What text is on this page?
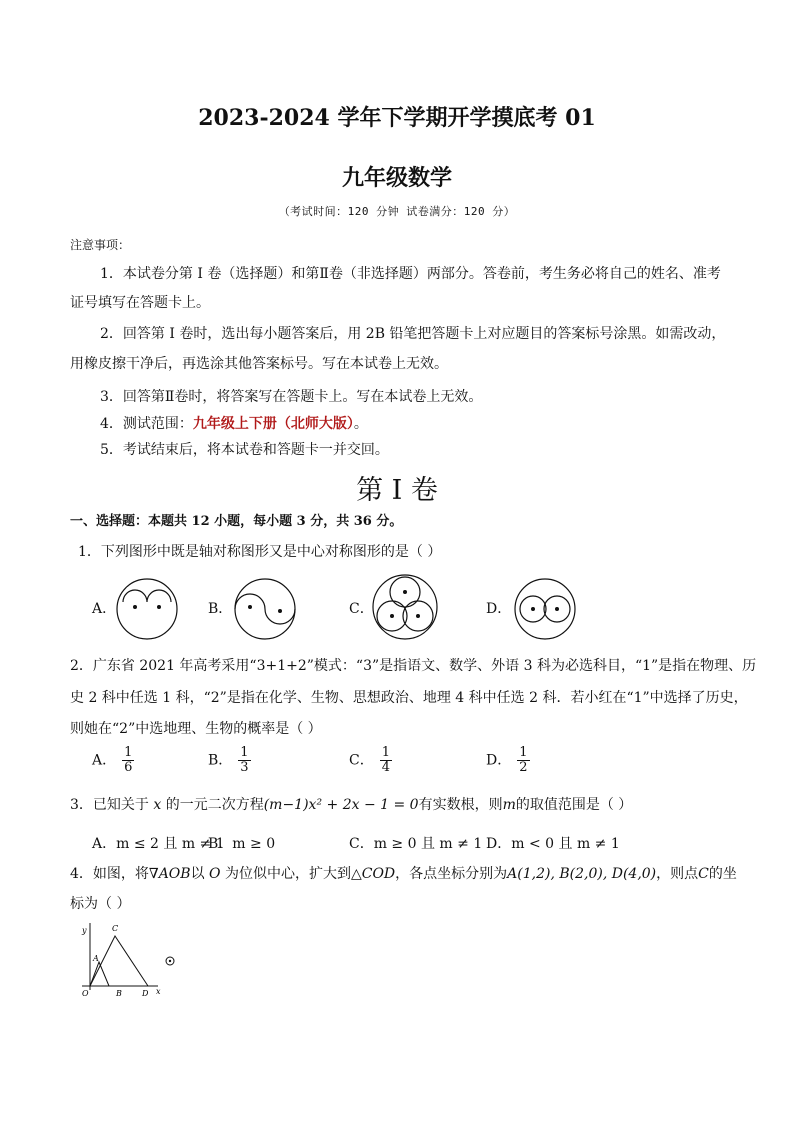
2023-2024 学年下学期开学摸底考 01
九年级数学
（考试时间：120 分钟 试卷满分：120 分）
注意事项：
1．本试卷分第 I 卷（选择题）和第Ⅱ卷（非选择题）两部分。答卷前，考生务必将自己的姓名、准考
证号填写在答题卡上。
2．回答第 I 卷时，选出每小题答案后，用 2B 铅笔把答题卡上对应题目的答案标号涂黑。如需改动，
用橡皮擦干净后，再选涂其他答案标号。写在本试卷上无效。
3．回答第Ⅱ卷时，将答案写在答题卡上。写在本试卷上无效。
4．测试范围：九年级上下册（北师大版）。
5．考试结束后，将本试卷和答题卡一并交回。
第 I 卷
一、选择题：本题共 12 小题，每小题 3 分，共 36 分。
1．下列图形中既是轴对称图形又是中心对称图形的是（ ）
A．	B．	C．	D．
2．广东省 2021 年高考采用“3+1+2”模式：“3”是指语文、数学、外语 3 科为必选科目，“1”是指在物理、历
史 2 科中任选 1 科，“2”是指在化学、生物、思想政治、地理 4 科中任选 2 科．若小红在“1”中选择了历史，
则她在“2”中选地理、生物的概率是（ ）
A． $\frac{1}{6}$	B． $\frac{1}{3}$	C． $\frac{1}{4}$	D． $\frac{1}{2}$
3．已知关于 x 的一元二次方程(m−1)x² + 2x − 1 = 0有实数根，则m的取值范围是（ ）
A．m ≤ 2 且 m ≠ 1
B．m ≥ 0	C．m ≥ 0 且 m ≠ 1 D．m < 0 且 m ≠ 1
4．如图，将∇AOB以 O 为位似中心，扩大到△COD，各点坐标分别为A(1,2), B(2,0), D(4,0)，则点C的坐
标为（ ）
y	C
A
O	B	D x
